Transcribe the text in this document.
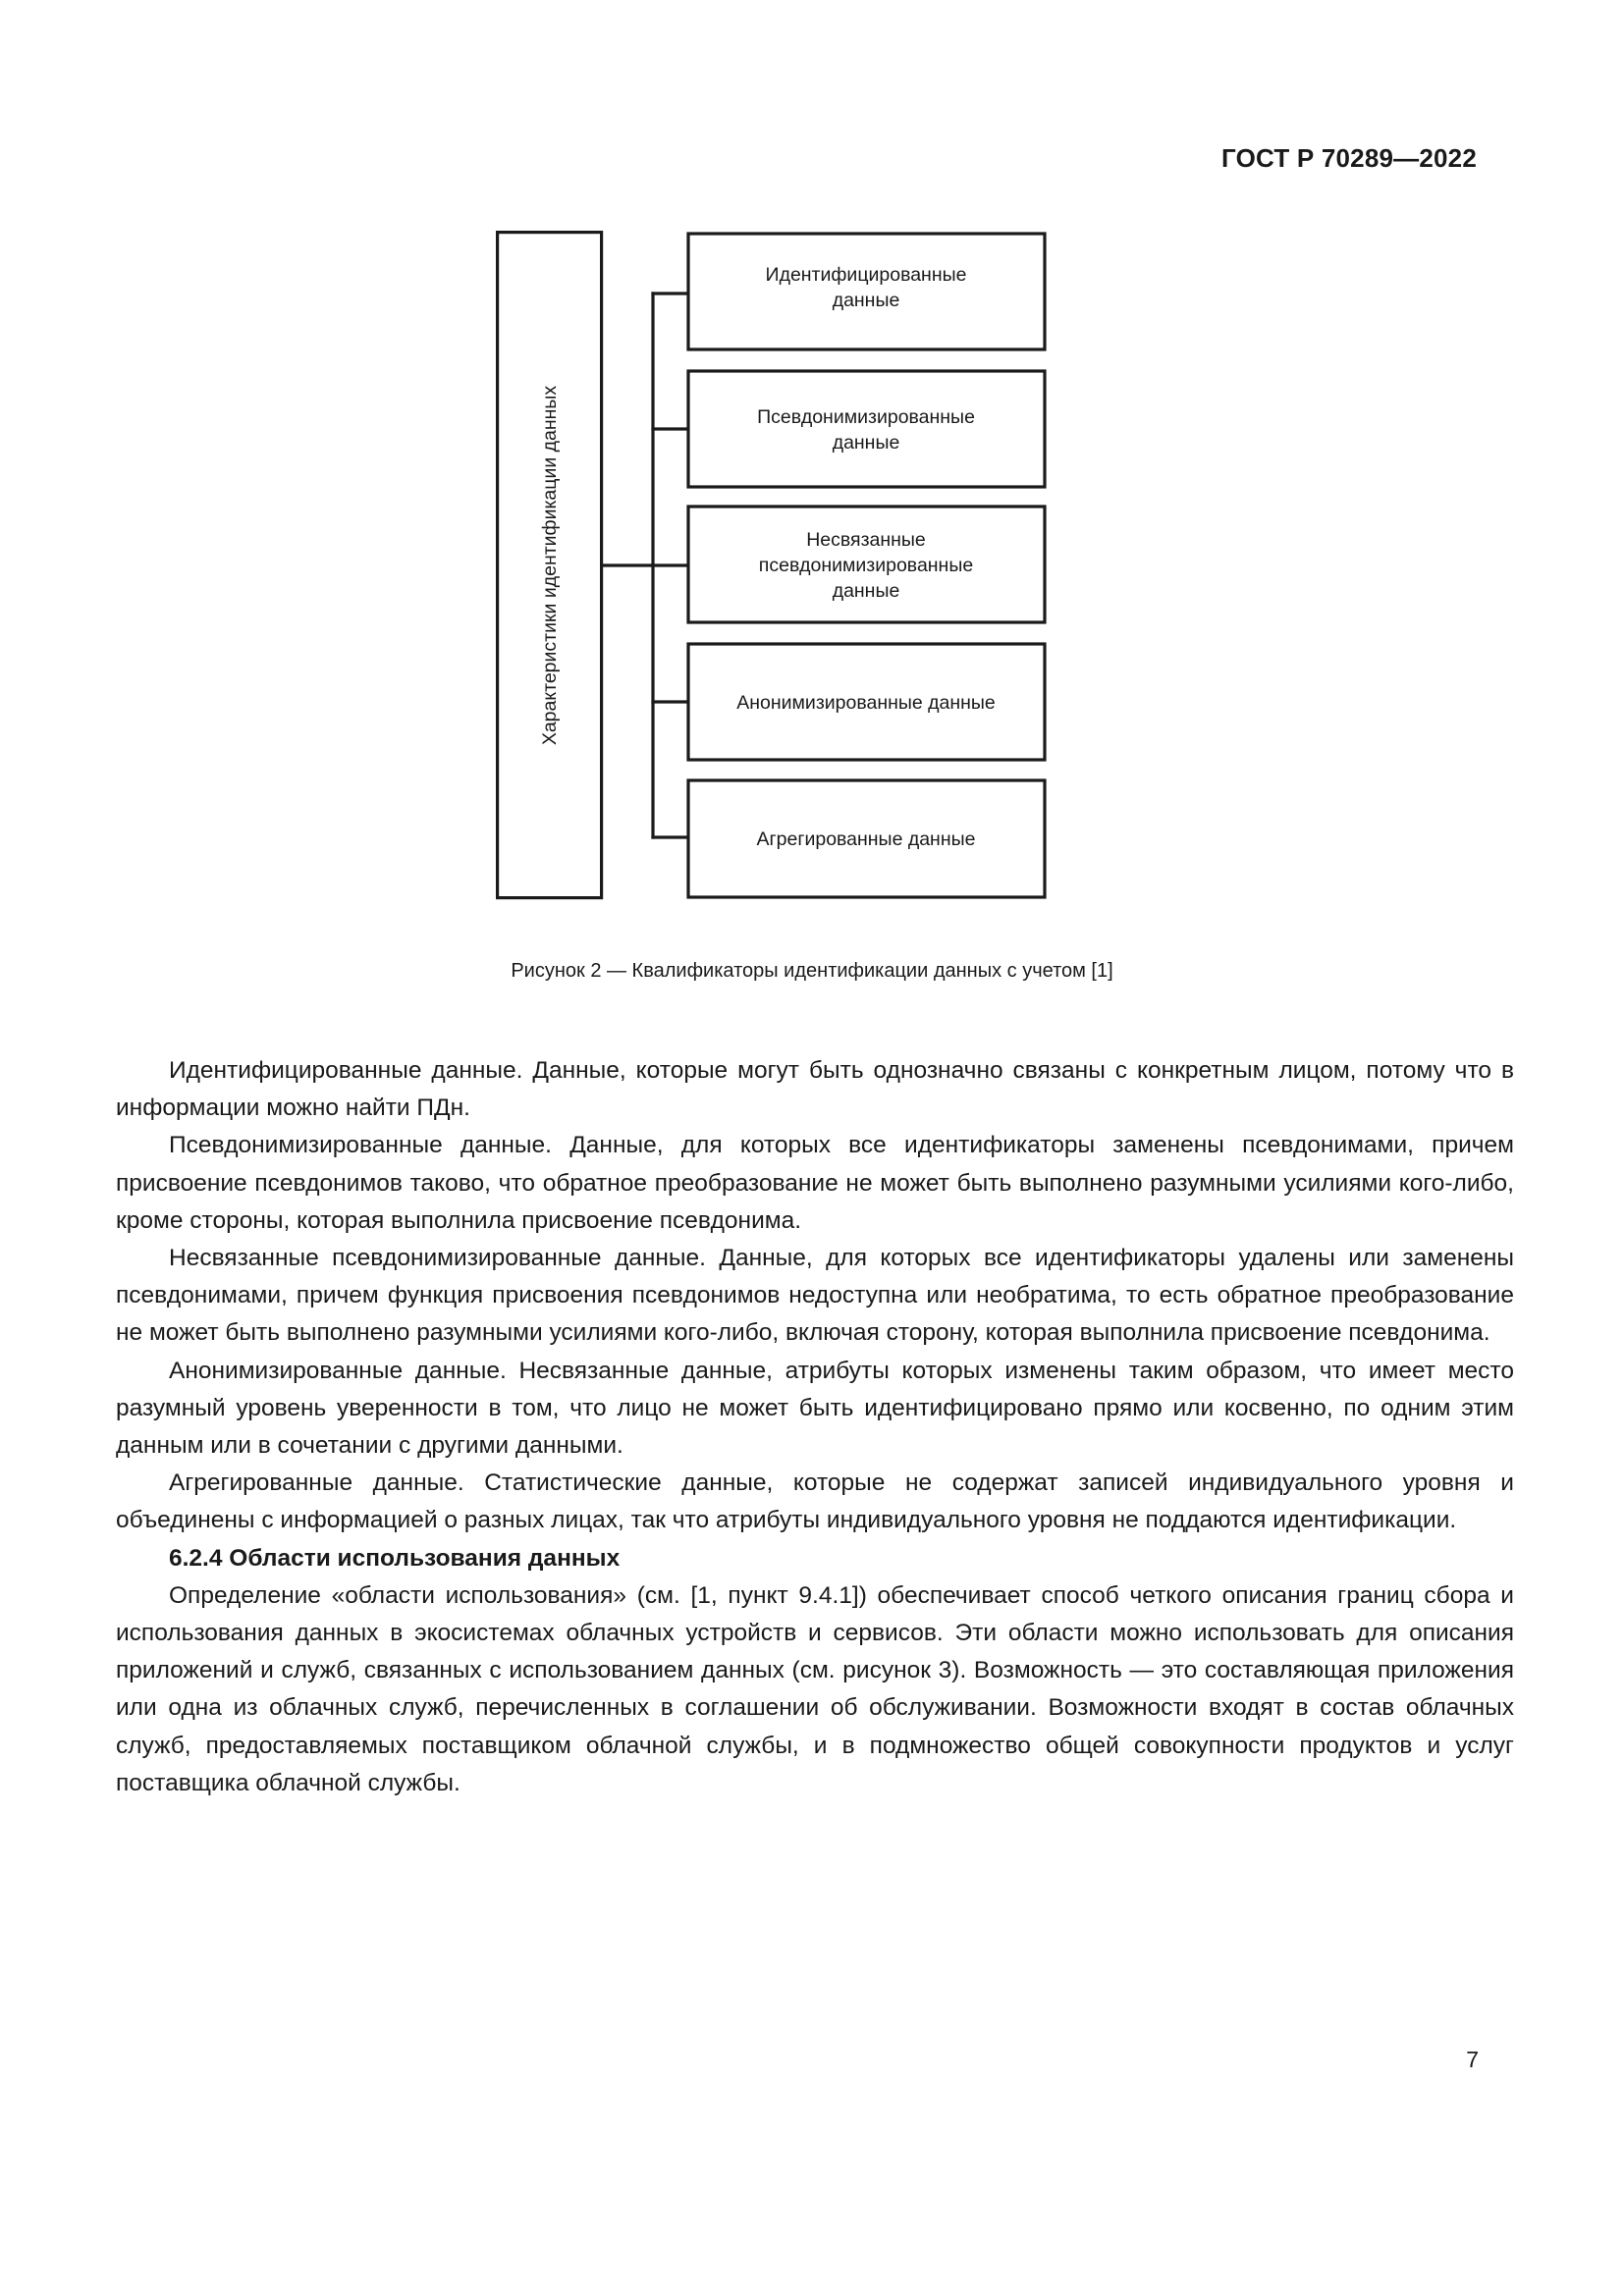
ГОСТ Р 70289—2022
Характеристики идентификации данных
Идентифицированные
данные
Псевдонимизированные
данные
Несвязанные
псевдонимизированные
данные
Анонимизированные данные
Агрегированные данные
Рисунок 2 — Квалификаторы идентификации данных с учетом [1]

Идентифицированные данные. Данные, которые могут быть однозначно связаны с конкретным лицом, потому что в информации можно найти ПДн.

Псевдонимизированные данные. Данные, для которых все идентификаторы заменены псевдонимами, причем присвоение псевдонимов таково, что обратное преобразование не может быть выполнено разумными усилиями кого-либо, кроме стороны, которая выполнила присвоение псевдонима.

Несвязанные псевдонимизированные данные. Данные, для которых все идентификаторы удалены или заменены псевдонимами, причем функция присвоения псевдонимов недоступна или необратима, то есть обратное преобразование не может быть выполнено разумными усилиями кого-либо, включая сторону, которая выполнила присвоение псевдонима.

Анонимизированные данные. Несвязанные данные, атрибуты которых изменены таким образом, что имеет место разумный уровень уверенности в том, что лицо не может быть идентифицировано прямо или косвенно, по одним этим данным или в сочетании с другими данными.

Агрегированные данные. Статистические данные, которые не содержат записей индивидуального уровня и объединены с информацией о разных лицах, так что атрибуты индивидуального уровня не поддаются идентификации.

6.2.4 Области использования данных

Определение «области использования» (см. [1, пункт 9.4.1]) обеспечивает способ четкого описания границ сбора и использования данных в экосистемах облачных устройств и сервисов. Эти области можно использовать для описания приложений и служб, связанных с использованием данных (см. рисунок 3). Возможность — это составляющая приложения или одна из облачных служб, перечисленных в соглашении об обслуживании. Возможности входят в состав облачных служб, предоставляемых поставщиком облачной службы, и в подмножество общей совокупности продуктов и услуг поставщика облачной службы.

7
